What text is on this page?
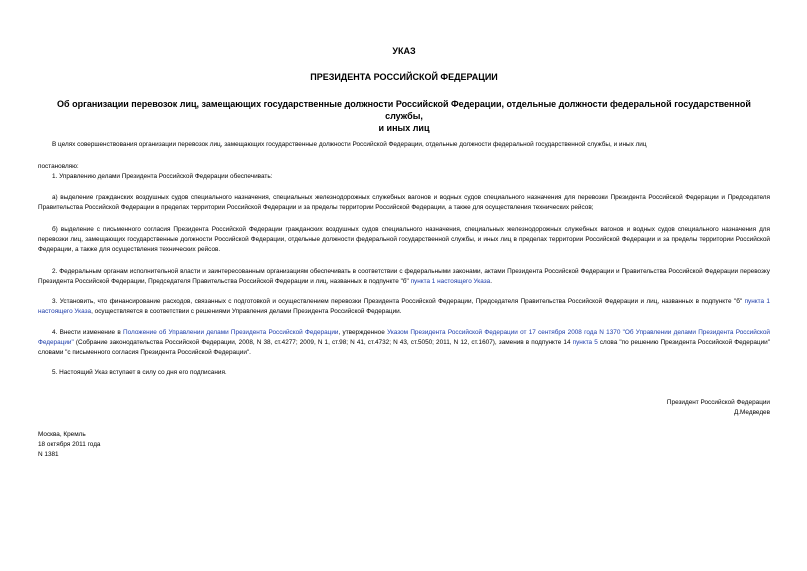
УКАЗ
ПРЕЗИДЕНТА РОССИЙСКОЙ ФЕДЕРАЦИИ
Об организации перевозок лиц, замещающих государственные должности Российской Федерации, отдельные должности федеральной государственной службы,
и иных лиц
В целях совершенствования организации перевозок лиц, замещающих государственные должности Российской Федерации, отдельные должности федеральной государственной службы, и иных лиц
постановляю:
1. Управлению делами Президента Российской Федерации обеспечивать:
а) выделение гражданских воздушных судов специального назначения, специальных железнодорожных служебных вагонов и водных судов специального назначения для перевозки Президента Российской Федерации и Председателя Правительства Российской Федерации в пределах территории Российской Федерации и за пределы территории Российской Федерации, а также для осуществления технических рейсов;
б) выделение с письменного согласия Президента Российской Федерации гражданских воздушных судов специального назначения, специальных железнодорожных служебных вагонов и водных судов специального назначения для перевозки лиц, замещающих государственные должности Российской Федерации, отдельные должности федеральной государственной службы, и иных лиц в пределах территории Российской Федерации и за пределы территории Российской Федерации, а также для осуществления технических рейсов.
2. Федеральным органам исполнительной власти и заинтересованным организациям обеспечивать в соответствии с федеральными законами, актами Президента Российской Федерации и Правительства Российской Федерации перевозку Президента Российской Федерации, Председателя Правительства Российской Федерации и лиц, названных в подпункте "б" пункта 1 настоящего Указа.
3. Установить, что финансирование расходов, связанных с подготовкой и осуществлением перевозки Президента Российской Федерации, Председателя Правительства Российской Федерации и лиц, названных в подпункте "б" пункта 1 настоящего Указа, осуществляется в соответствии с решениями Управления делами Президента Российской Федерации.
4. Внести изменение в Положение об Управлении делами Президента Российской Федерации, утвержденное Указом Президента Российской Федерации от 17 сентября 2008 года N 1370 "Об Управлении делами Президента Российской Федерации" (Собрание законодательства Российской Федерации, 2008, N 38, ст.4277; 2009, N 1, ст.98; N 41, ст.4732; N 43, ст.5050; 2011, N 12, ст.1607), заменив в подпункте 14 пункта 5 слова "по решению Президента Российской Федерации" словами "с письменного согласия Президента Российской Федерации".
5. Настоящий Указ вступает в силу со дня его подписания.
Президент Российской Федерации
Д.Медведев
Москва, Кремль
18 октября 2011 года
N 1381
